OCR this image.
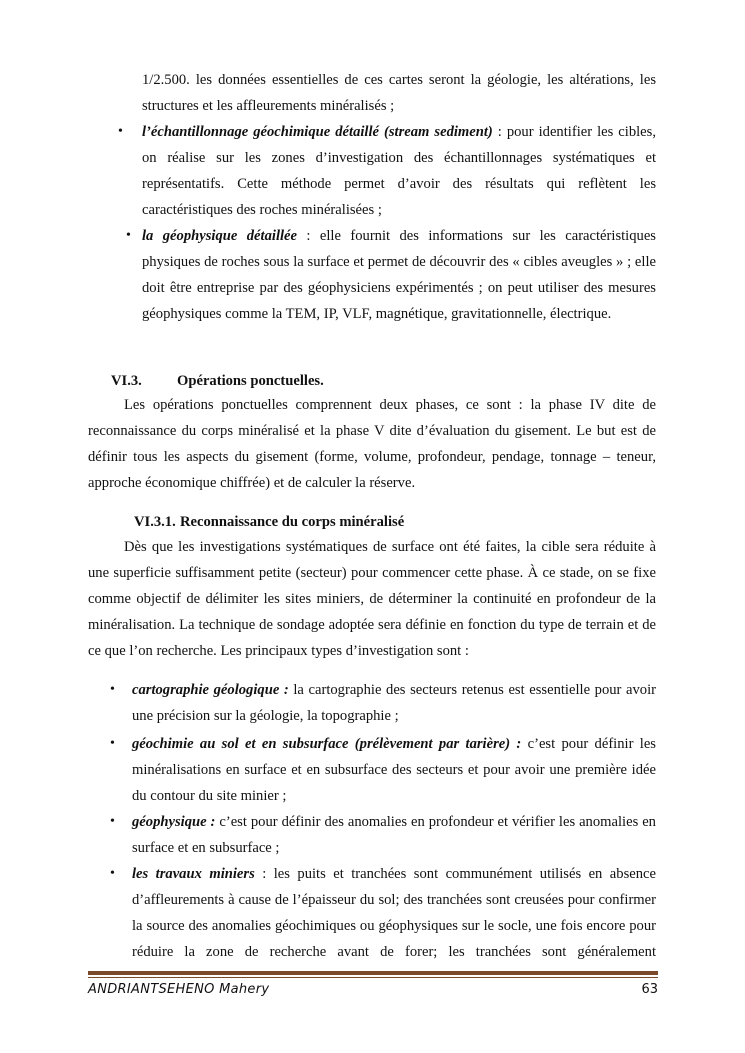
1/2.500. les données essentielles de ces cartes seront la géologie, les altérations, les
structures et les affleurements minéralisés ;
• l’échantillonnage géochimique détaillé (stream sediment) : pour identifier les cibles, on réalise sur les zones d’investigation des échantillonnages systématiques et représentatifs. Cette méthode permet d’avoir des résultats qui reflètent les caractéristiques des roches minéralisées ;
• la géophysique détaillée : elle fournit des informations sur les caractéristiques physiques de roches sous la surface et permet de découvrir des « cibles aveugles » ; elle doit être entreprise par des géophysiciens expérimentés ; on peut utiliser des mesures géophysiques comme la TEM, IP, VLF, magnétique, gravitationnelle, électrique.
VI.3. Opérations ponctuelles.
Les opérations ponctuelles comprennent deux phases, ce sont : la phase IV dite de reconnaissance du corps minéralisé et la phase V dite d’évaluation du gisement. Le but est de définir tous les aspects du gisement (forme, volume, profondeur, pendage, tonnage – teneur, approche économique chiffrée) et de calculer la réserve.
VI.3.1. Reconnaissance du corps minéralisé
Dès que les investigations systématiques de surface ont été faites, la cible sera réduite à une superficie suffisamment petite (secteur) pour commencer cette phase. À ce stade, on se fixe comme objectif de délimiter les sites miniers, de déterminer la continuité en profondeur de la minéralisation. La technique de sondage adoptée sera définie en fonction du type de terrain et de ce que l’on recherche. Les principaux types d’investigation sont :
• cartographie géologique : la cartographie des secteurs retenus est essentielle pour avoir une précision sur la géologie, la topographie ;
• géochimie au sol et en subsurface (prélèvement par tarière) : c’est pour définir les minéralisations en surface et en subsurface des secteurs et pour avoir une première idée du contour du site minier ;
• géophysique : c’est pour définir des anomalies en profondeur et vérifier les anomalies en surface et en subsurface ;
• les travaux miniers : les puits et tranchées sont communément utilisés en absence d’affleurements à cause de l’épaisseur du sol; des tranchées sont creusées pour confirmer la source des anomalies géochimiques ou géophysiques sur le socle, une fois encore pour réduire la zone de recherche avant de forer; les tranchées sont généralement
ANDRIANTSEHENO Mahery	63
